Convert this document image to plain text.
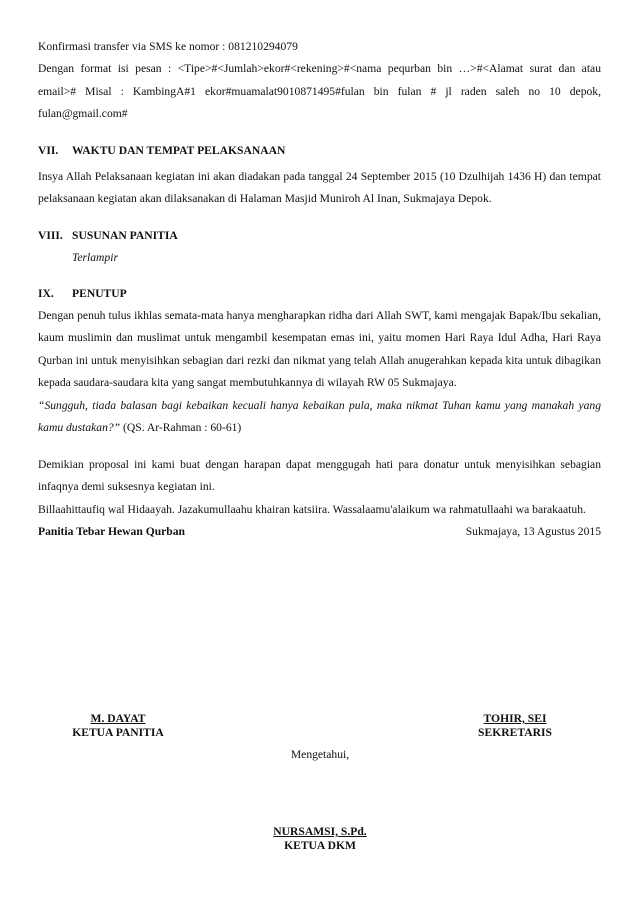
Konfirmasi transfer via SMS ke nomor : 081210294079

Dengan format isi pesan : <Tipe>#<Jumlah>ekor#<rekening>#<nama pequrban bin …>#<Alamat surat dan atau email># Misal : KambingA#1 ekor#muamalat9010871495#fulan bin fulan # jl raden saleh no 10 depok, fulan@gmail.com#

VII.	WAKTU DAN TEMPAT PELAKSANAAN

Insya Allah Pelaksanaan kegiatan ini akan diadakan pada tanggal 24 September 2015 (10 Dzulhijah 1436 H) dan tempat pelaksanaan kegiatan akan dilaksanakan di Halaman Masjid Muniroh Al Inan, Sukmajaya Depok.

VIII. SUSUNAN PANITIA

Terlampir

IX.	PENUTUP

Dengan penuh tulus ikhlas semata-mata hanya mengharapkan ridha dari Allah SWT, kami mengajak Bapak/Ibu sekalian, kaum muslimin dan muslimat untuk mengambil kesempatan emas ini, yaitu momen Hari Raya Idul Adha, Hari Raya Qurban ini untuk menyisihkan sebagian dari rezki dan nikmat yang telah Allah anugerahkan kepada kita untuk dibagikan kepada saudara-saudara kita yang sangat membutuhkannya di wilayah RW 05 Sukmajaya.

“Sungguh, tiada balasan bagi kebaikan kecuali hanya kebaikan pula, maka nikmat Tuhan kamu yang manakah yang kamu dustakan?” (QS. Ar-Rahman : 60-61)

Demikian proposal ini kami buat dengan harapan dapat menggugah hati para donatur untuk menyisihkan sebagian infaqnya demi suksesnya kegiatan ini.

Billaahittaufiq wal Hidaayah. Jazakumullaahu khairan katsiira. Wassalaamu'alaikum wa rahmatullaahi wa barakaatuh.

Panitia Tebar Hewan Qurban	Sukmajaya, 13 Agustus 2015
M. DAYAT
KETUA PANITIA
TOHIR, SEI
SEKRETARIS
Mengetahui,
NURSAMSI, S.Pd.
KETUA DKM
